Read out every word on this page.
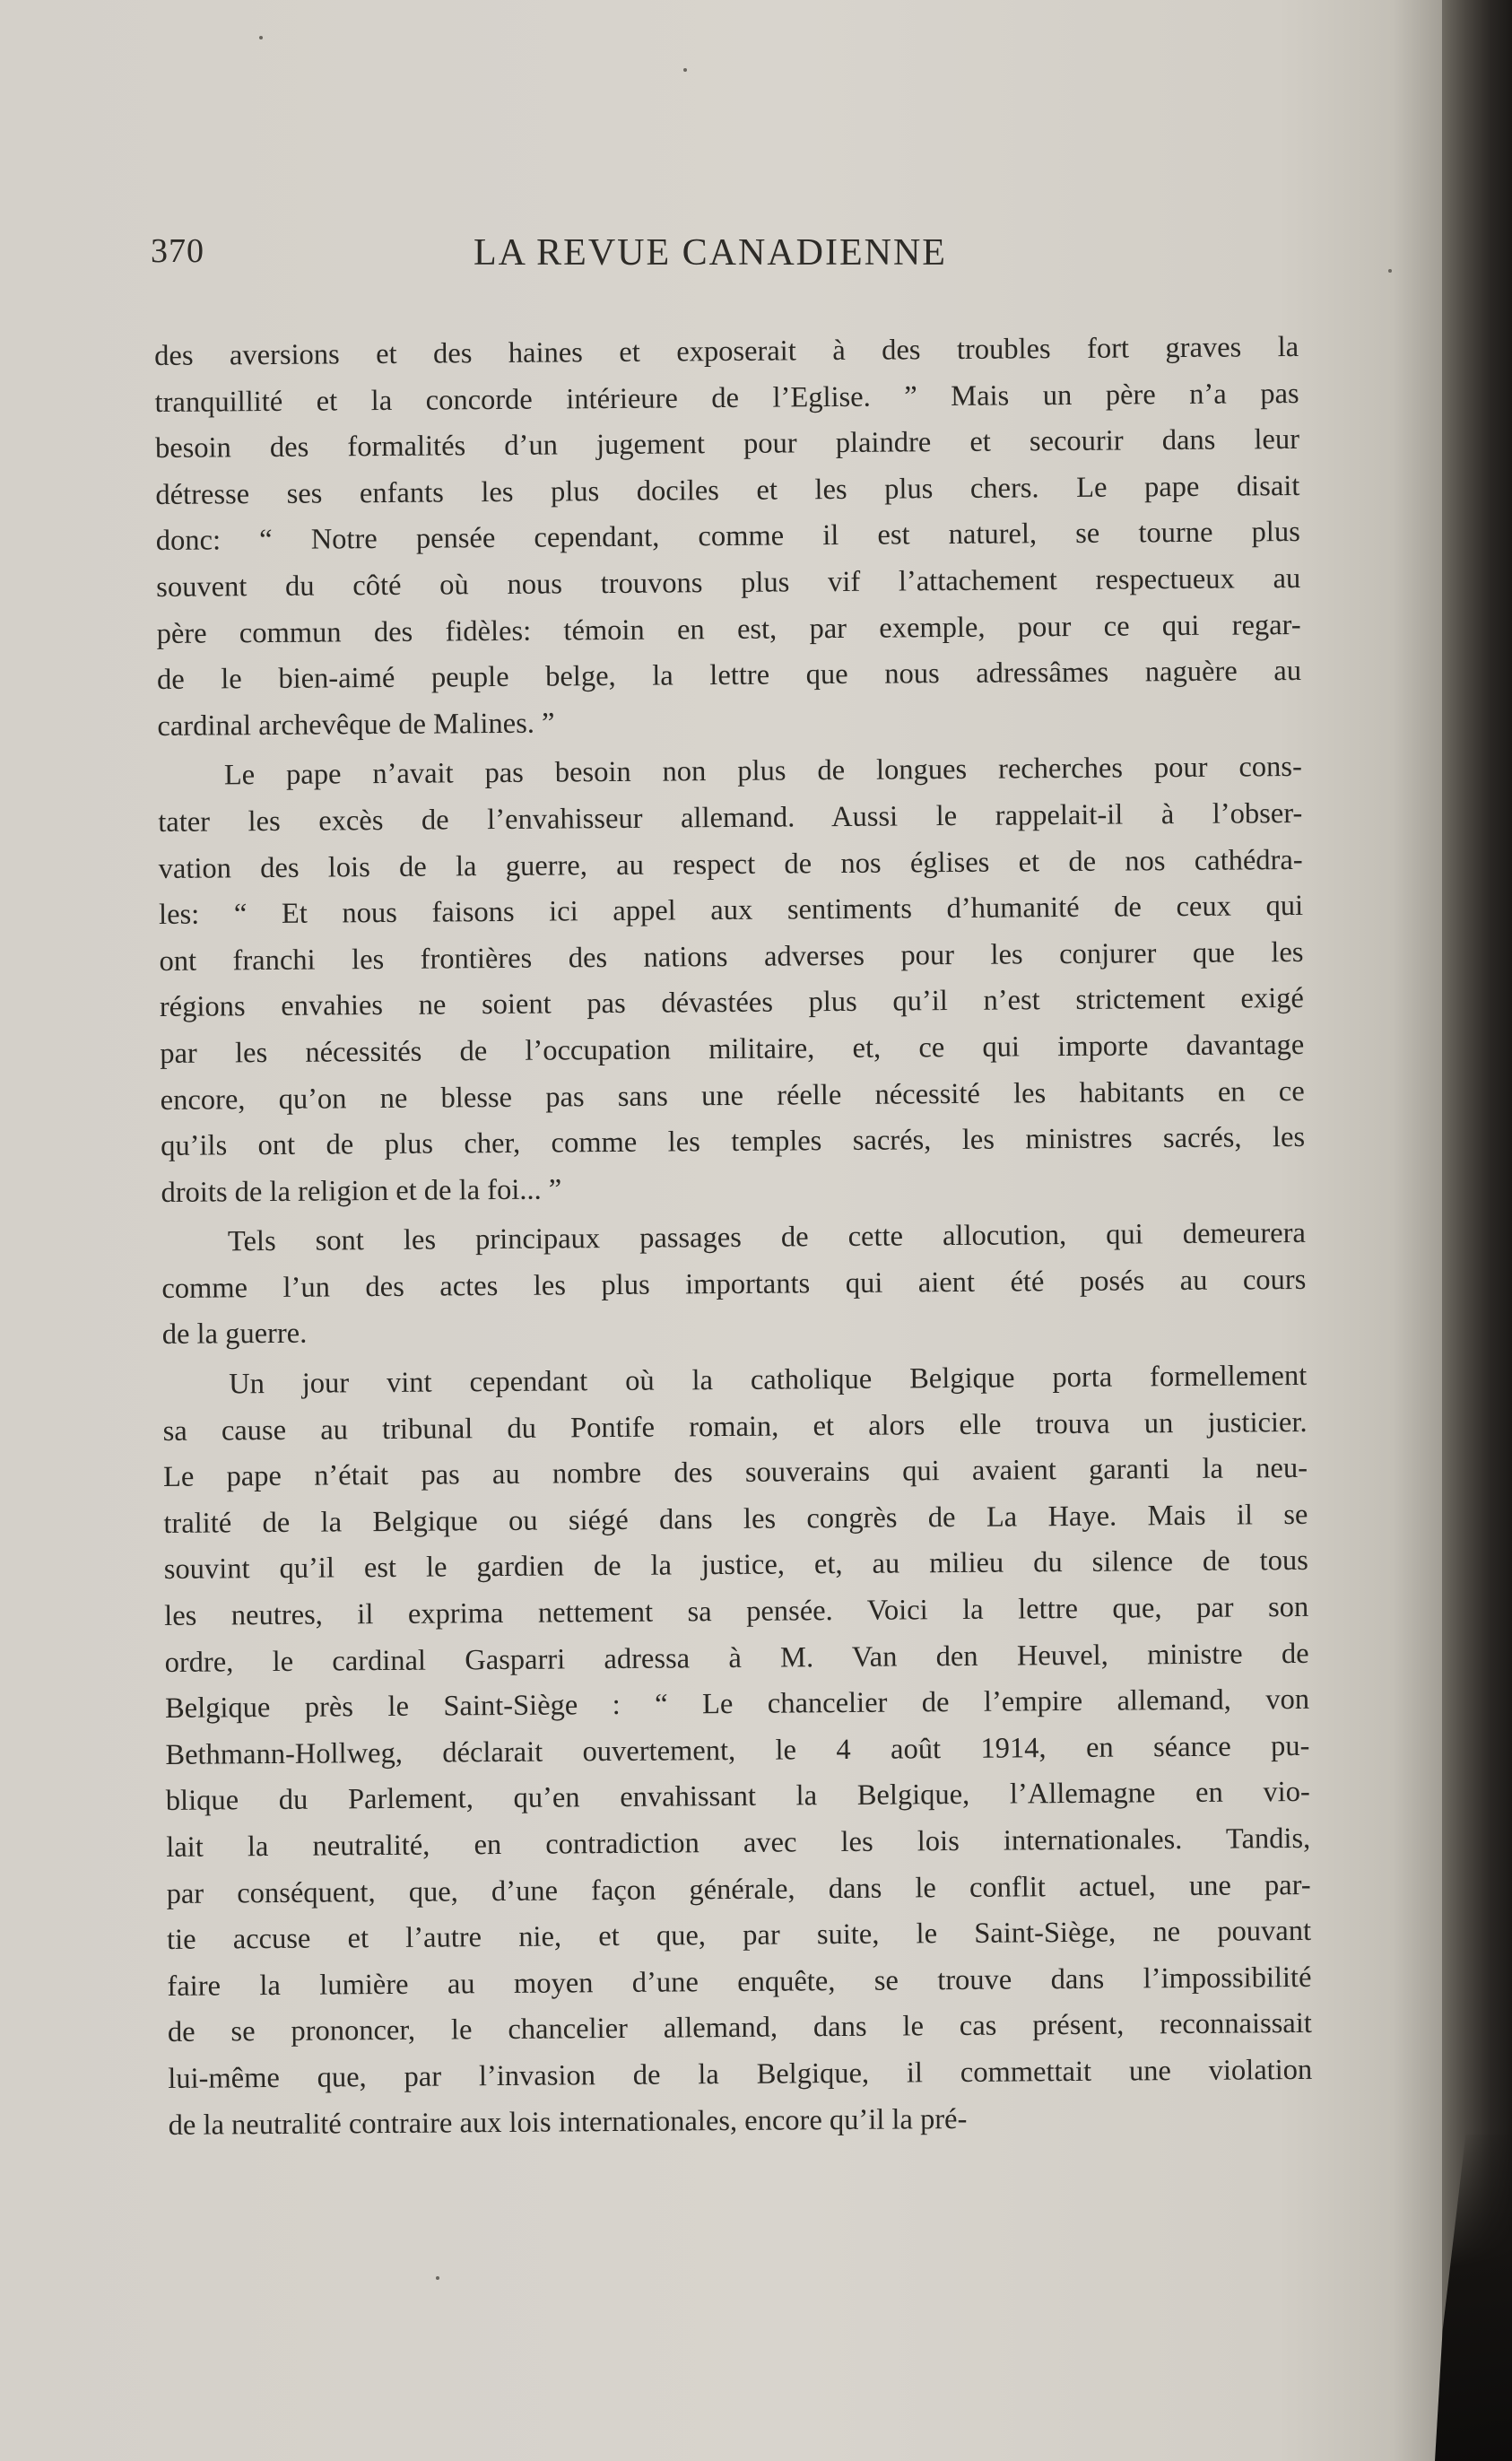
370	LA REVUE CANADIENNE
des aversions et des haines et exposerait à des troubles fort graves la
tranquillité et la concorde intérieure de l’Eglise. ” Mais un père n’a pas
besoin des formalités d’un jugement pour plaindre et secourir dans leur
détresse ses enfants les plus dociles et les plus chers. Le pape disait
donc: “ Notre pensée cependant, comme il est naturel, se tourne plus
souvent du côté où nous trouvons plus vif l’attachement respectueux au
père commun des fidèles: témoin en est, par exemple, pour ce qui regar-
de le bien-aimé peuple belge, la lettre que nous adressâmes naguère au
cardinal archevêque de Malines. ”
Le pape n’avait pas besoin non plus de longues recherches pour cons-
tater les excès de l’envahisseur allemand. Aussi le rappelait-il à l’obser-
vation des lois de la guerre, au respect de nos églises et de nos cathédra-
les: “ Et nous faisons ici appel aux sentiments d’humanité de ceux qui
ont franchi les frontières des nations adverses pour les conjurer que les
régions envahies ne soient pas dévastées plus qu’il n’est strictement exigé
par les nécessités de l’occupation militaire, et, ce qui importe davantage
encore, qu’on ne blesse pas sans une réelle nécessité les habitants en ce
qu’ils ont de plus cher, comme les temples sacrés, les ministres sacrés, les
droits de la religion et de la foi... ”
Tels sont les principaux passages de cette allocution, qui demeurera
comme l’un des actes les plus importants qui aient été posés au cours
de la guerre.
Un jour vint cependant où la catholique Belgique porta formellement
sa cause au tribunal du Pontife romain, et alors elle trouva un justicier.
Le pape n’était pas au nombre des souverains qui avaient garanti la neu-
tralité de la Belgique ou siégé dans les congrès de La Haye. Mais il se
souvint qu’il est le gardien de la justice, et, au milieu du silence de tous
les neutres, il exprima nettement sa pensée. Voici la lettre que, par son
ordre, le cardinal Gasparri adressa à M. Van den Heuvel, ministre de
Belgique près le Saint-Siège : “ Le chancelier de l’empire allemand, von
Bethmann-Hollweg, déclarait ouvertement, le 4 août 1914, en séance pu-
blique du Parlement, qu’en envahissant la Belgique, l’Allemagne en vio-
lait la neutralité, en contradiction avec les lois internationales. Tandis,
par conséquent, que, d’une façon générale, dans le conflit actuel, une par-
tie accuse et l’autre nie, et que, par suite, le Saint-Siège, ne pouvant
faire la lumière au moyen d’une enquête, se trouve dans l’impossibilité
de se prononcer, le chancelier allemand, dans le cas présent, reconnaissait
lui-même que, par l’invasion de la Belgique, il commettait une violation
de la neutralité contraire aux lois internationales, encore qu’il la pré-
